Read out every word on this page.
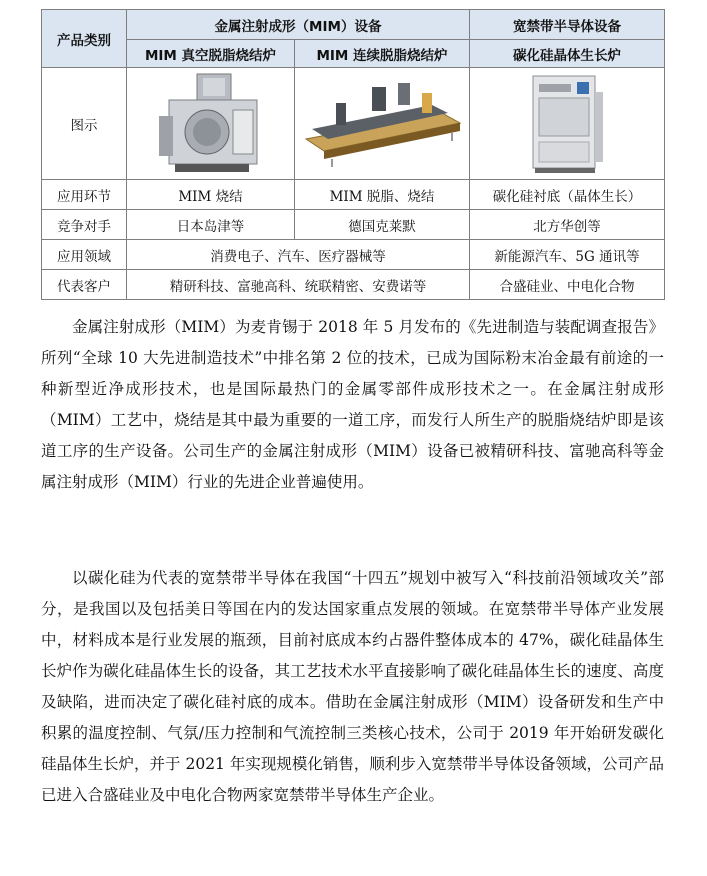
产品类别	金属注射成形（MIM）设备		宽禁带半导体设备
	MIM 真空脱脂烧结炉	MIM 连续脱脂烧结炉	碳化硅晶体生长炉
图示	

应用环节	MIM 烧结	MIM 脱脂、烧结	碳化硅衬底（晶体生长）
竞争对手	日本岛津等	德国克莱默	北方华创等
应用领域	消费电子、汽车、医疗器械等		新能源汽车、5G 通讯等
代表客户	精研科技、富驰高科、统联精密、安费诺等		合盛硅业、中电化合物

金属注射成形（MIM）为麦肯锡于 2018 年 5 月发布的《先进制造与装配调查报告》所列“全球 10 大先进制造技术”中排名第 2 位的技术，已成为国际粉末冶金最有前途的一种新型近净成形技术，也是国际最热门的金属零部件成形技术之一。在金属注射成形（MIM）工艺中，烧结是其中最为重要的一道工序，而发行人所生产的脱脂烧结炉即是该道工序的生产设备。公司生产的金属注射成形（MIM）设备已被精研科技、富驰高科等金属注射成形（MIM）行业的先进企业普遍使用。

以碳化硅为代表的宽禁带半导体在我国“十四五”规划中被写入“科技前沿领域攻关”部分，是我国以及包括美日等国在内的发达国家重点发展的领域。在宽禁带半导体产业发展中，材料成本是行业发展的瓶颈，目前衬底成本约占器件整体成本的 47%，碳化硅晶体生长炉作为碳化硅晶体生长的设备，其工艺技术水平直接影响了碳化硅晶体生长的速度、高度及缺陷，进而决定了碳化硅衬底的成本。借助在金属注射成形（MIM）设备研发和生产中积累的温度控制、气氛/压力控制和气流控制三类核心技术，公司于 2019 年开始研发碳化硅晶体生长炉，并于 2021 年实现规模化销售，顺利步入宽禁带半导体设备领域，公司产品已进入合盛硅业及中电化合物两家宽禁带半导体生产企业。
